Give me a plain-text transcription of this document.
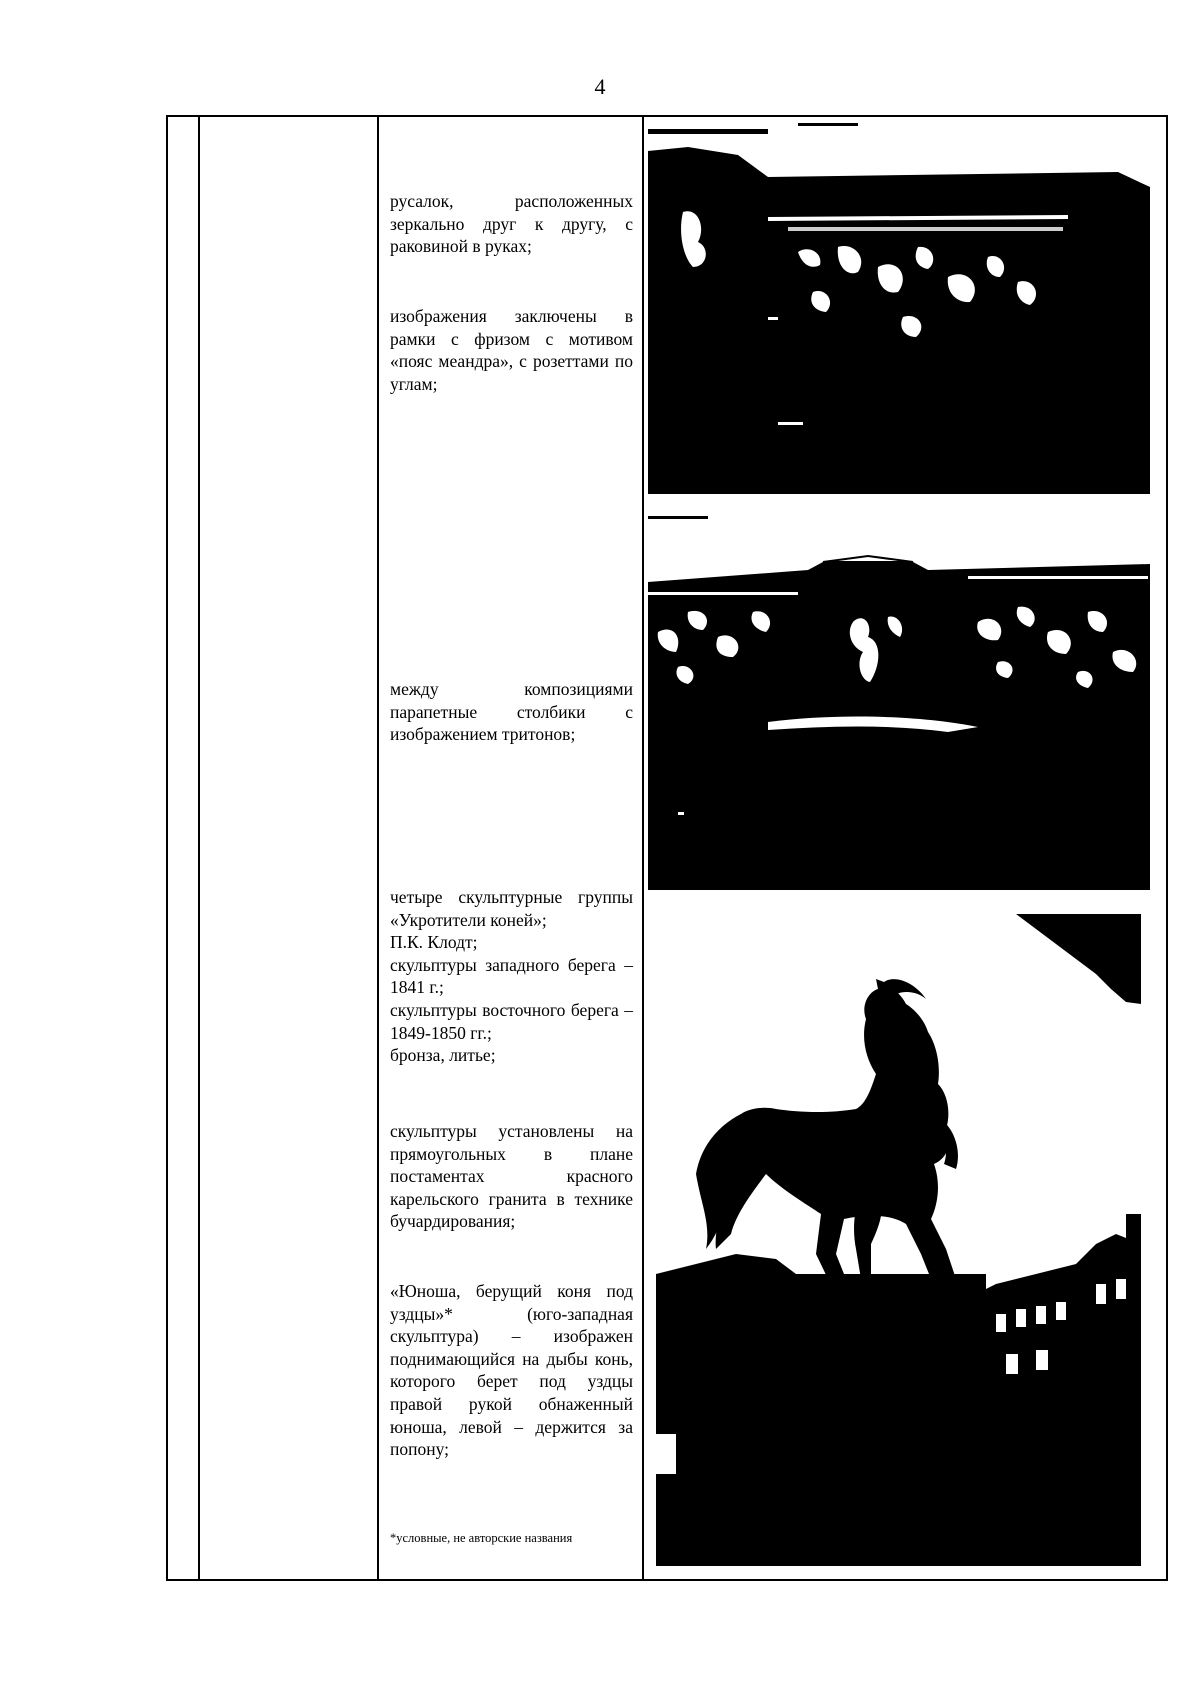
4

русалок, расположенных зеркально друг к другу, с раковиной в руках;

изображения заключены в рамки с фризом с мотивом «пояс меандра», с розеттами по углам;

между композициями парапетные столбики с изображением тритонов;

четыре скульптурные группы «Укротители коней»;

П.К. Клодт;

скульптуры западного берега – 1841 г.;

скульптуры восточного берега – 1849-1850 гг.;

бронза, литье;

скульптуры установлены на прямоугольных в плане постаментах красного карельского гранита в технике бучардирования;

«Юноша, берущий коня под уздцы»* (юго-западная скульптура) – изображен поднимающийся на дыбы конь, которого берет под уздцы правой рукой обнаженный юноша, левой – держится за попону;

*условные, не авторские названия
